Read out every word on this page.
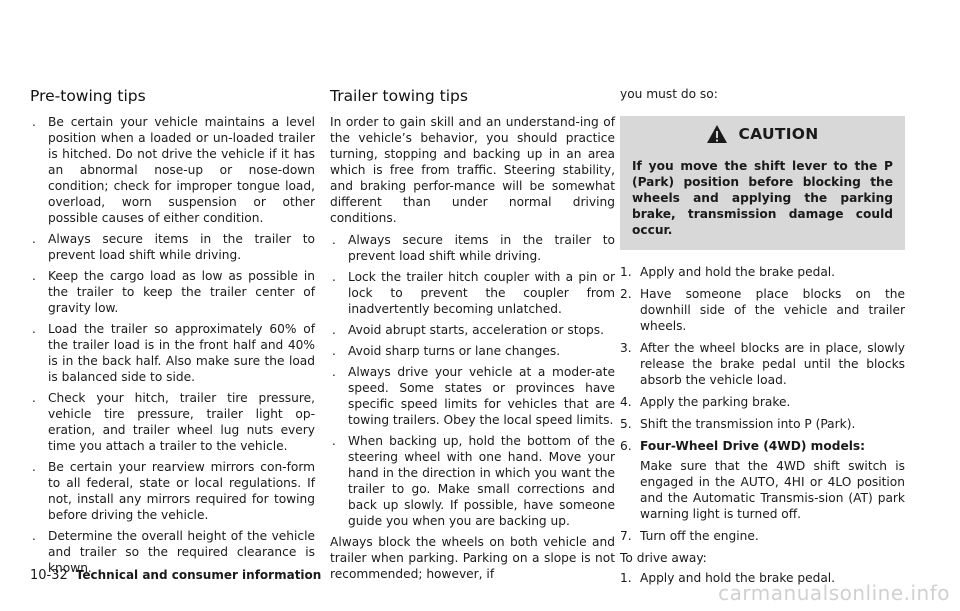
Pre-towing tips
. Be certain your vehicle maintains a level position when a loaded or un-loaded trailer is hitched. Do not drive the vehicle if it has an abnormal nose-up or nose-down condition; check for improper tongue load, overload, worn suspension or other possible causes of either condition.
. Always secure items in the trailer to prevent load shift while driving.
. Keep the cargo load as low as possible in the trailer to keep the trailer center of gravity low.
. Load the trailer so approximately 60% of the trailer load is in the front half and 40% is in the back half. Also make sure the load is balanced side to side.
. Check your hitch, trailer tire pressure, vehicle tire pressure, trailer light op-eration, and trailer wheel lug nuts every time you attach a trailer to the vehicle.
. Be certain your rearview mirrors con-form to all federal, state or local regulations. If not, install any mirrors required for towing before driving the vehicle.
. Determine the overall height of the vehicle and trailer so the required clearance is known.
Trailer towing tips

In order to gain skill and an understand-ing of the vehicle’s behavior, you should practice turning, stopping and backing up in an area which is free from traffic. Steering stability, and braking perfor-mance will be somewhat different than under normal driving conditions.

. Always secure items in the trailer to prevent load shift while driving.
. Lock the trailer hitch coupler with a pin or lock to prevent the coupler from inadvertently becoming unlatched.
. Avoid abrupt starts, acceleration or stops.
. Avoid sharp turns or lane changes.
. Always drive your vehicle at a moder-ate speed. Some states or provinces have specific speed limits for vehicles that are towing trailers. Obey the local speed limits.
. When backing up, hold the bottom of the steering wheel with one hand. Move your hand in the direction in which you want the trailer to go. Make small corrections and back up slowly. If possible, have someone guide you when you are backing up.

Always block the wheels on both vehicle and trailer when parking. Parking on a slope is not recommended; however, if

you must do so:

CAUTION

If you move the shift lever to the P (Park) position before blocking the wheels and applying the parking brake, transmission damage could occur.

1. Apply and hold the brake pedal.
2. Have someone place blocks on the downhill side of the vehicle and trailer wheels.
3. After the wheel blocks are in place, slowly release the brake pedal until the blocks absorb the vehicle load.
4. Apply the parking brake.
5. Shift the transmission into P (Park).
6. Four-Wheel Drive (4WD) models:
Make sure that the 4WD shift switch is engaged in the AUTO, 4HI or 4LO position and the Automatic Transmis-sion (AT) park warning light is turned off.
7. Turn off the engine.

To drive away:

1. Apply and hold the brake pedal.
10-32 Technical and consumer information
carmanualsonline.info
